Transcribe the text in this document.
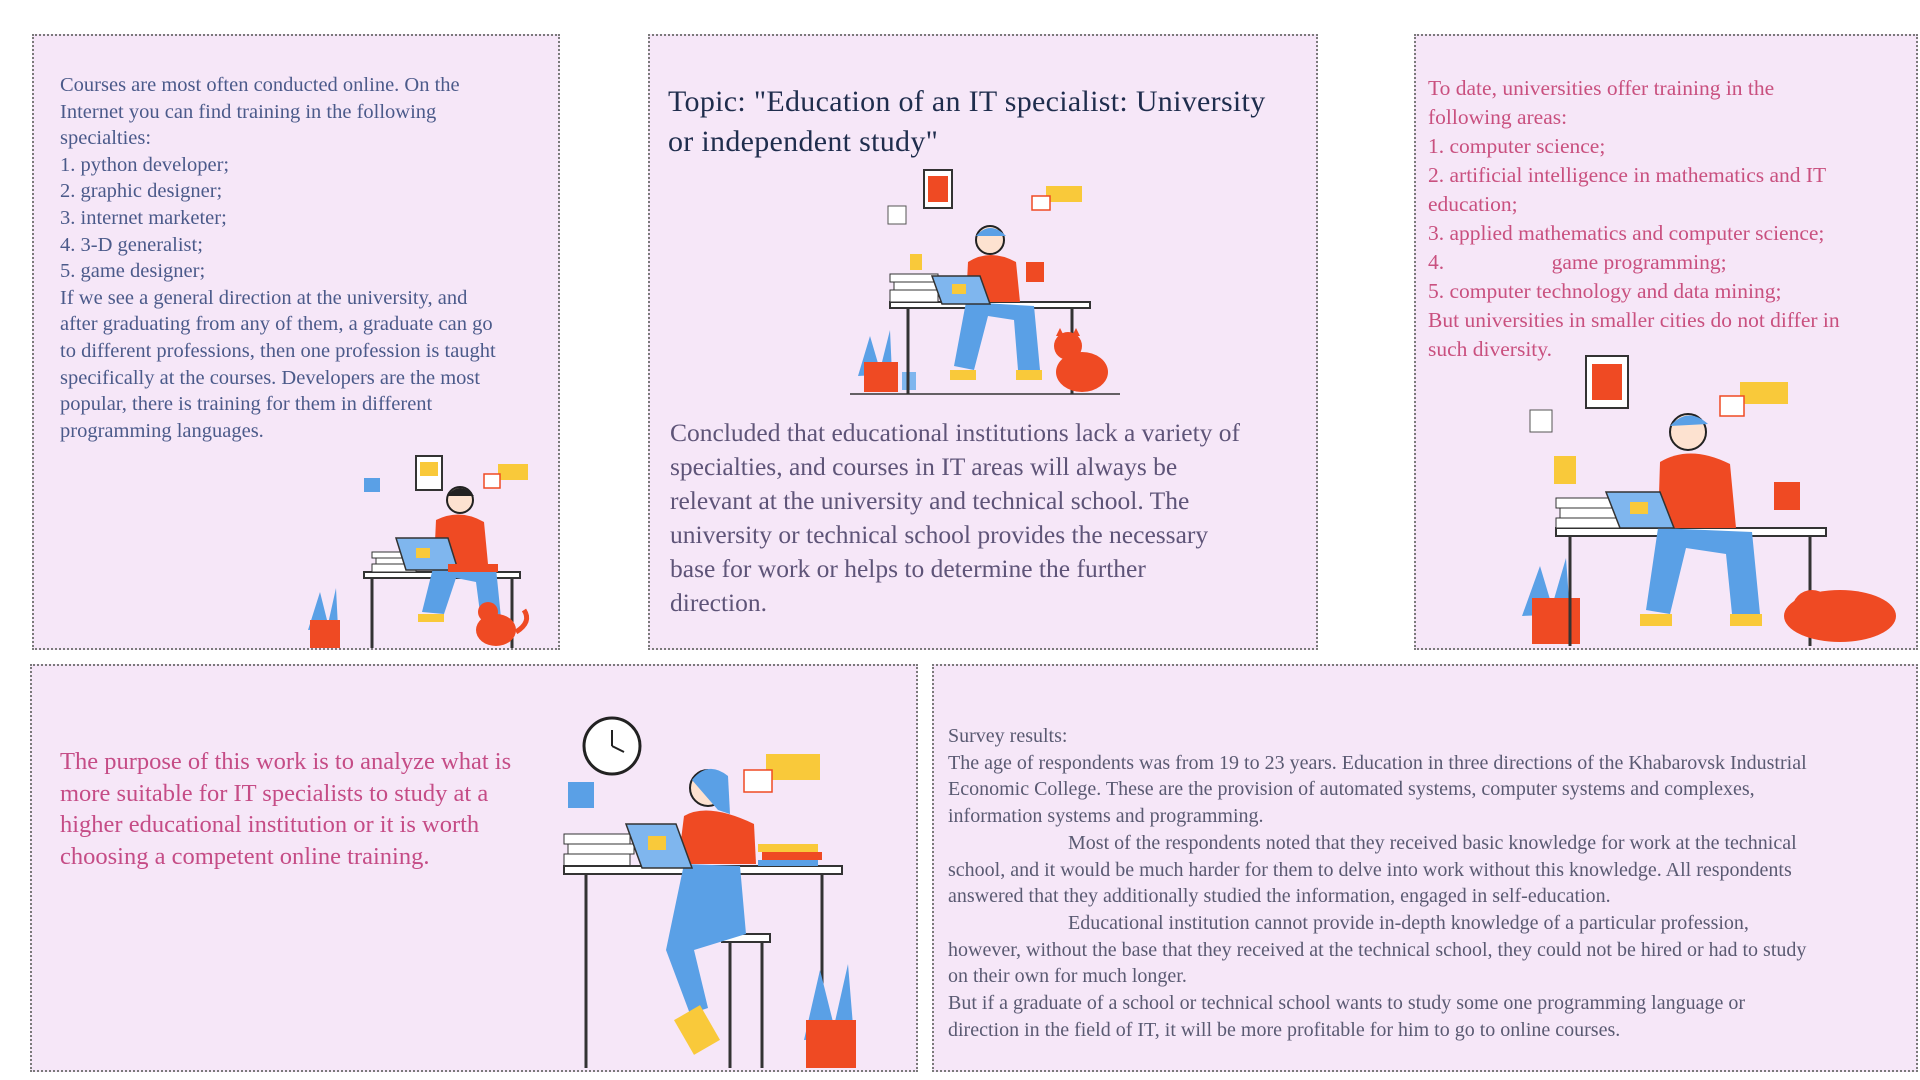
Courses are most often conducted online. On the
Internet you can find training in the following
specialties:
1. python developer;
2. graphic designer;
3. internet marketer;
4. 3-D generalist;
5. game designer;
If we see a general direction at the university, and
after graduating from any of them, a graduate can go
to different professions, then one profession is taught
specifically at the courses. Developers are the most
popular, there is training for them in different
programming languages.
Topic: "Education of an IT specialist: University
or independent study"
Concluded that educational institutions lack a variety of
specialties, and courses in IT areas will always be
relevant at the university and technical school. The
university or technical school provides the necessary
base for work or helps to determine the further
direction.
To date, universities offer training in the
following areas:
1. computer science;
2. artificial intelligence in mathematics and IT
education;
3. applied mathematics and computer science;
4.                    game programming;
5. computer technology and data mining;
But universities in smaller cities do not differ in
such diversity.
The purpose of this work is to analyze what is
more suitable for IT specialists to study at a
higher educational institution or it is worth
choosing a competent online training.
Survey results:
The age of respondents was from 19 to 23 years. Education in three directions of the Khabarovsk Industrial
Economic College. These are the provision of automated systems, computer systems and complexes,
information systems and programming.
Most of the respondents noted that they received basic knowledge for work at the technical
school, and it would be much harder for them to delve into work without this knowledge. All respondents
answered that they additionally studied the information, engaged in self-education.
Educational institution cannot provide in-depth knowledge of a particular profession,
however, without the base that they received at the technical school, they could not be hired or had to study
on their own for much longer.
But if a graduate of a school or technical school wants to study some one programming language or
direction in the field of IT, it will be more profitable for him to go to online courses.
